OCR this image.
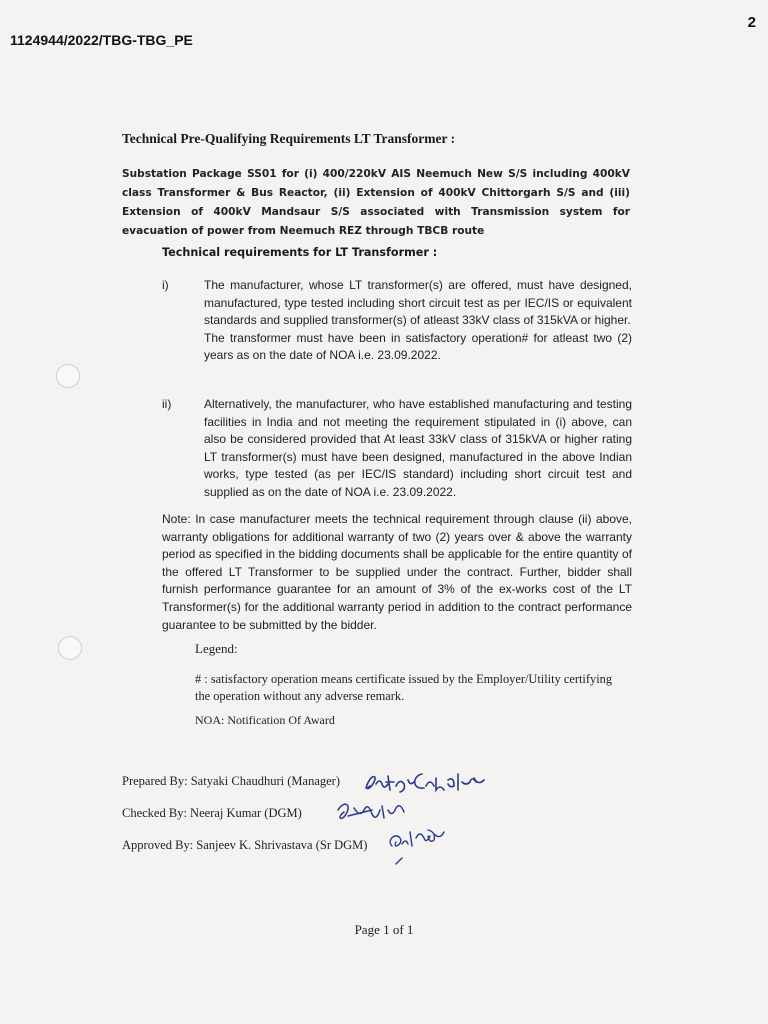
2
1124944/2022/TBG-TBG_PE
Technical Pre-Qualifying Requirements LT Transformer :
Substation Package SS01 for (i) 400/220kV AIS Neemuch New S/S including 400kV class Transformer & Bus Reactor, (ii) Extension of 400kV Chittorgarh S/S and (iii) Extension of 400kV Mandsaur S/S associated with Transmission system for evacuation of power from Neemuch REZ through TBCB route
Technical requirements for LT Transformer :
i)	The manufacturer, whose LT transformer(s) are offered, must have designed, manufactured, type tested including short circuit test as per IEC/IS or equivalent standards and supplied transformer(s) of atleast 33kV class of 315kVA or higher.

The transformer must have been in satisfactory operation# for atleast two (2) years as on the date of NOA i.e. 23.09.2022.

ii)	Alternatively, the manufacturer, who have established manufacturing and testing facilities in India and not meeting the requirement stipulated in (i) above, can also be considered provided that At least 33kV class of 315kVA or higher rating LT transformer(s) must have been designed, manufactured in the above Indian works, type tested (as per IEC/IS standard) including short circuit test and supplied as on the date of NOA i.e. 23.09.2022.

Note: In case manufacturer meets the technical requirement through clause (ii) above, warranty obligations for additional warranty of two (2) years over & above the warranty period as specified in the bidding documents shall be applicable for the entire quantity of the offered LT Transformer to be supplied under the contract. Further, bidder shall furnish performance guarantee for an amount of 3% of the ex-works cost of the LT Transformer(s) for the additional warranty period in addition to the contract performance guarantee to be submitted by the bidder.
Legend:
# : satisfactory operation means certificate issued by the Employer/Utility certifying the operation without any adverse remark.
NOA: Notification Of Award
Prepared By: Satyaki Chaudhuri (Manager)
Checked By: Neeraj Kumar (DGM)
Approved By: Sanjeev K. Shrivastava (Sr DGM)
Page 1 of 1
